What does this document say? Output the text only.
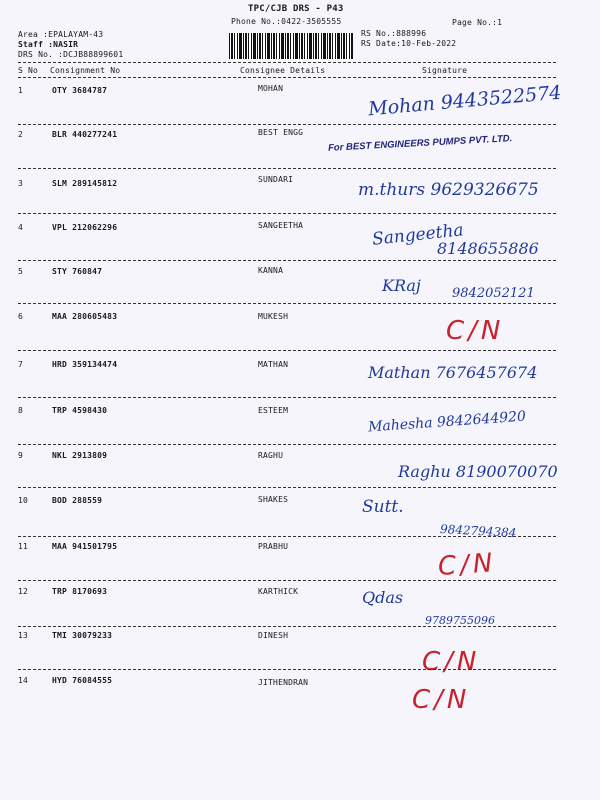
TPC/CJB DRS - P43
Phone No.:0422-3505555	Page No.:1
Area :EPALAYAM-43
Staff :NASIR
DRS No. :DCJB88899601
RS No.:888996
RS Date:10-Feb-2022
S No Consignment No	Consignee Details	Signature
1	OTY 3684787	MOHAN	Mohan 9443522574
2	BLR 440277241	BEST ENGG
For BEST ENGINEERS PUMPS PVT. LTD.
3	SLM 289145812	SUNDARI
m.thurs 9629326675
4	VPL 212062296	SANGEETHA	Sangeetha
8148655886
5	STY 760847	KANNA
KRaj 9842052121
6	MAA 280605483	MUKESH	C/N
7	HRD 359134474	MATHAN	Mathan 7676457674
8	TRP 4598430	ESTEEM	Mahesha 9842644920
9	NKL 2913809	RAGHU
Raghu 8190070070
10	BOD 288559	SHAKES	Sutt.
9842794384
11	MAA 941501795	PRABHU
C/N
12	TRP 8170693	KARTHICK	Qdas
9789755096
13	TMI 30079233	DINESH
C/N
14	HYD 76084555	JITHENDRAN
C/N
